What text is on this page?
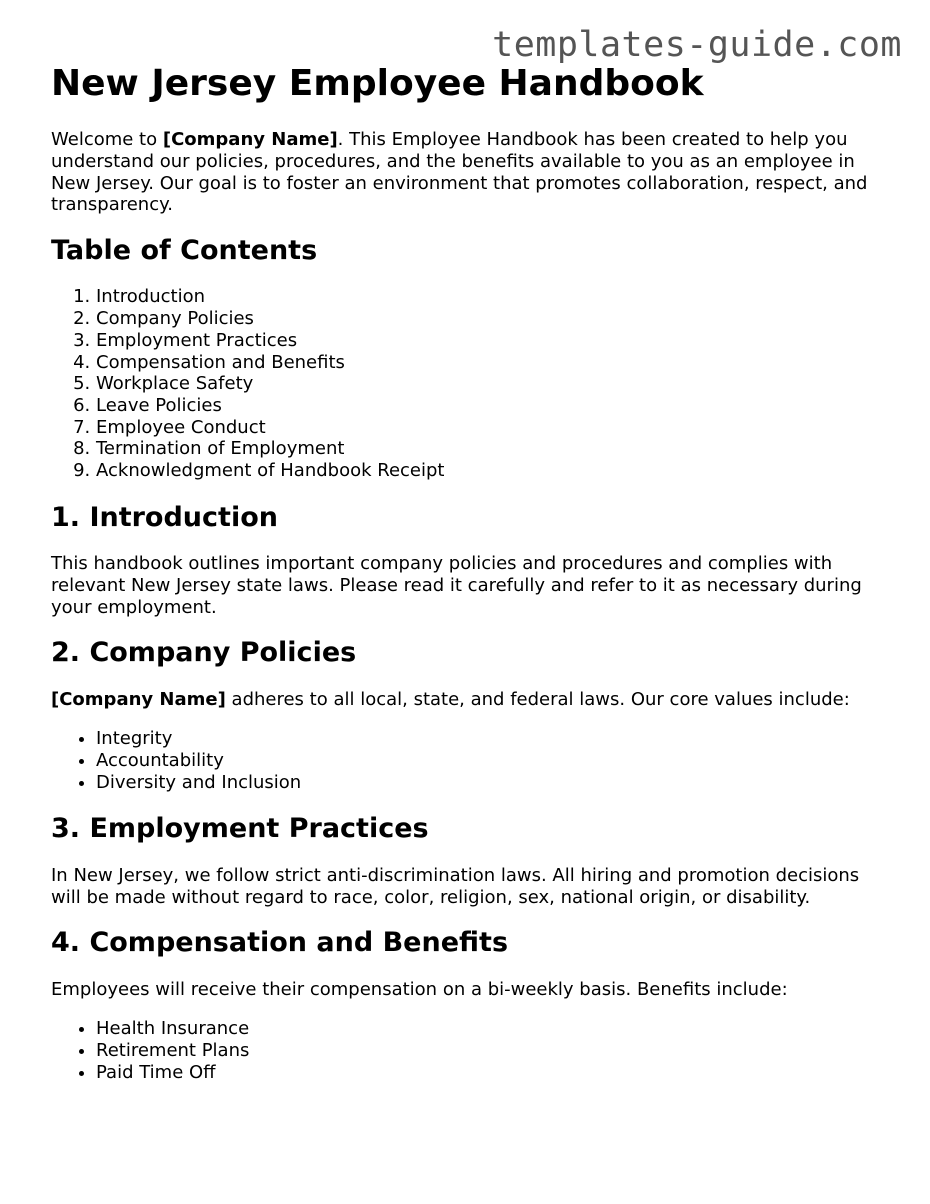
templates-guide.com
New Jersey Employee Handbook

Welcome to [Company Name]. This Employee Handbook has been created to help you understand our policies, procedures, and the benefits available to you as an employee in New Jersey. Our goal is to foster an environment that promotes collaboration, respect, and transparency.

Table of Contents
1. Introduction
2. Company Policies
3. Employment Practices
4. Compensation and Benefits
5. Workplace Safety
6. Leave Policies
7. Employee Conduct
8. Termination of Employment
9. Acknowledgment of Handbook Receipt
1. Introduction

This handbook outlines important company policies and procedures and complies with relevant New Jersey state laws. Please read it carefully and refer to it as necessary during your employment.

2. Company Policies

[Company Name] adheres to all local, state, and federal laws. Our core values include:

• Integrity
• Accountability
• Diversity and Inclusion
3. Employment Practices

In New Jersey, we follow strict anti-discrimination laws. All hiring and promotion decisions will be made without regard to race, color, religion, sex, national origin, or disability.

4. Compensation and Benefits

Employees will receive their compensation on a bi-weekly basis. Benefits include:

• Health Insurance
• Retirement Plans
• Paid Time Off
